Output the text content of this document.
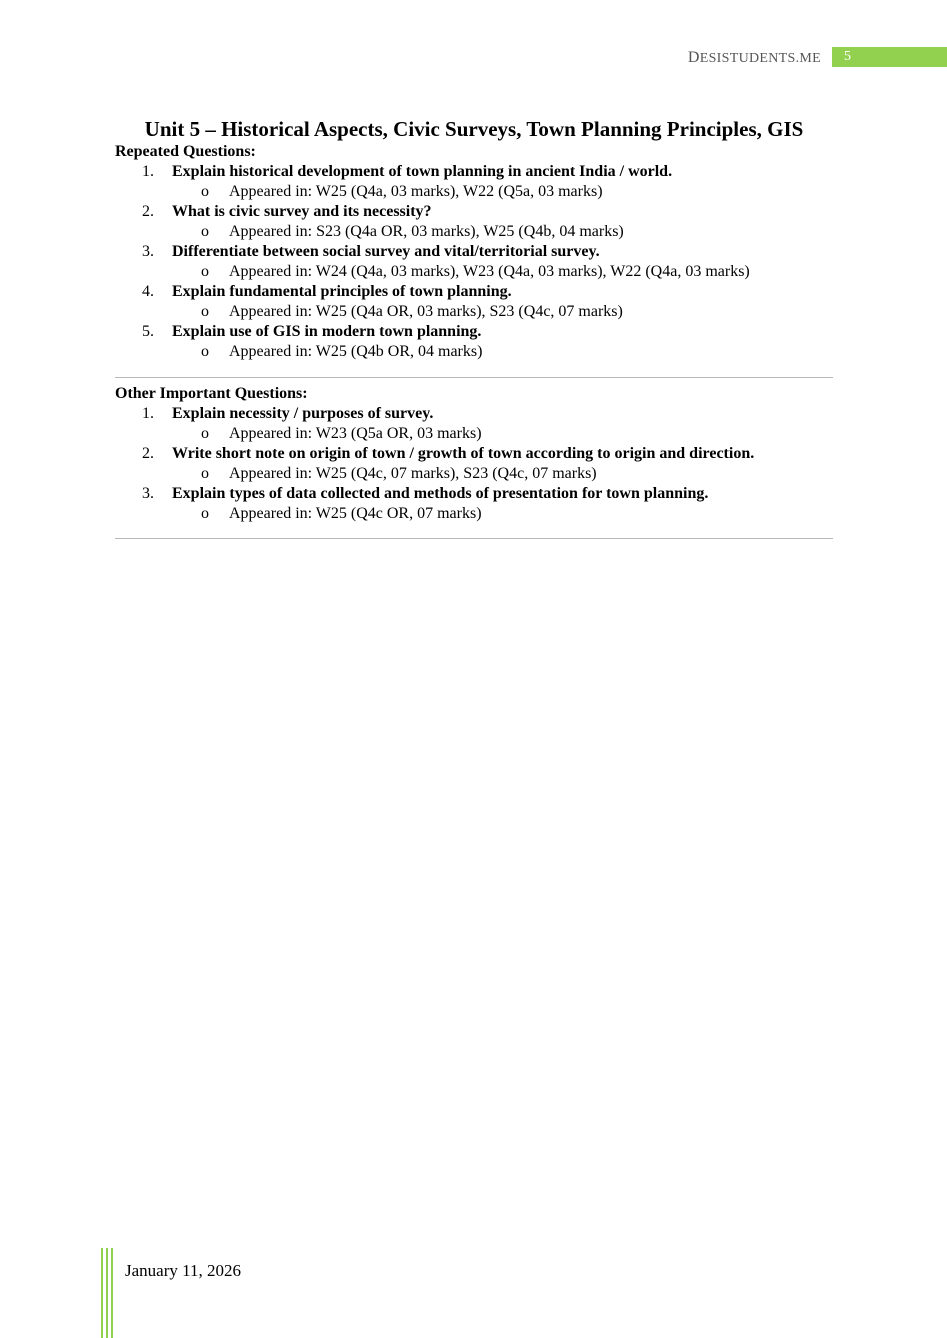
DESISTUDENTS.ME	5
Unit 5 – Historical Aspects, Civic Surveys, Town Planning Principles, GIS
Repeated Questions:
1. Explain historical development of town planning in ancient India / world.
o Appeared in: W25 (Q4a, 03 marks), W22 (Q5a, 03 marks)
2. What is civic survey and its necessity?
o Appeared in: S23 (Q4a OR, 03 marks), W25 (Q4b, 04 marks)
3. Differentiate between social survey and vital/territorial survey.
o Appeared in: W24 (Q4a, 03 marks), W23 (Q4a, 03 marks), W22 (Q4a, 03 marks)
4. Explain fundamental principles of town planning.
o Appeared in: W25 (Q4a OR, 03 marks), S23 (Q4c, 07 marks)
5. Explain use of GIS in modern town planning.
o Appeared in: W25 (Q4b OR, 04 marks)
Other Important Questions:
1. Explain necessity / purposes of survey.
o Appeared in: W23 (Q5a OR, 03 marks)
2. Write short note on origin of town / growth of town according to origin and direction.
o Appeared in: W25 (Q4c, 07 marks), S23 (Q4c, 07 marks)
3. Explain types of data collected and methods of presentation for town planning.
o Appeared in: W25 (Q4c OR, 07 marks)
January 11, 2026
